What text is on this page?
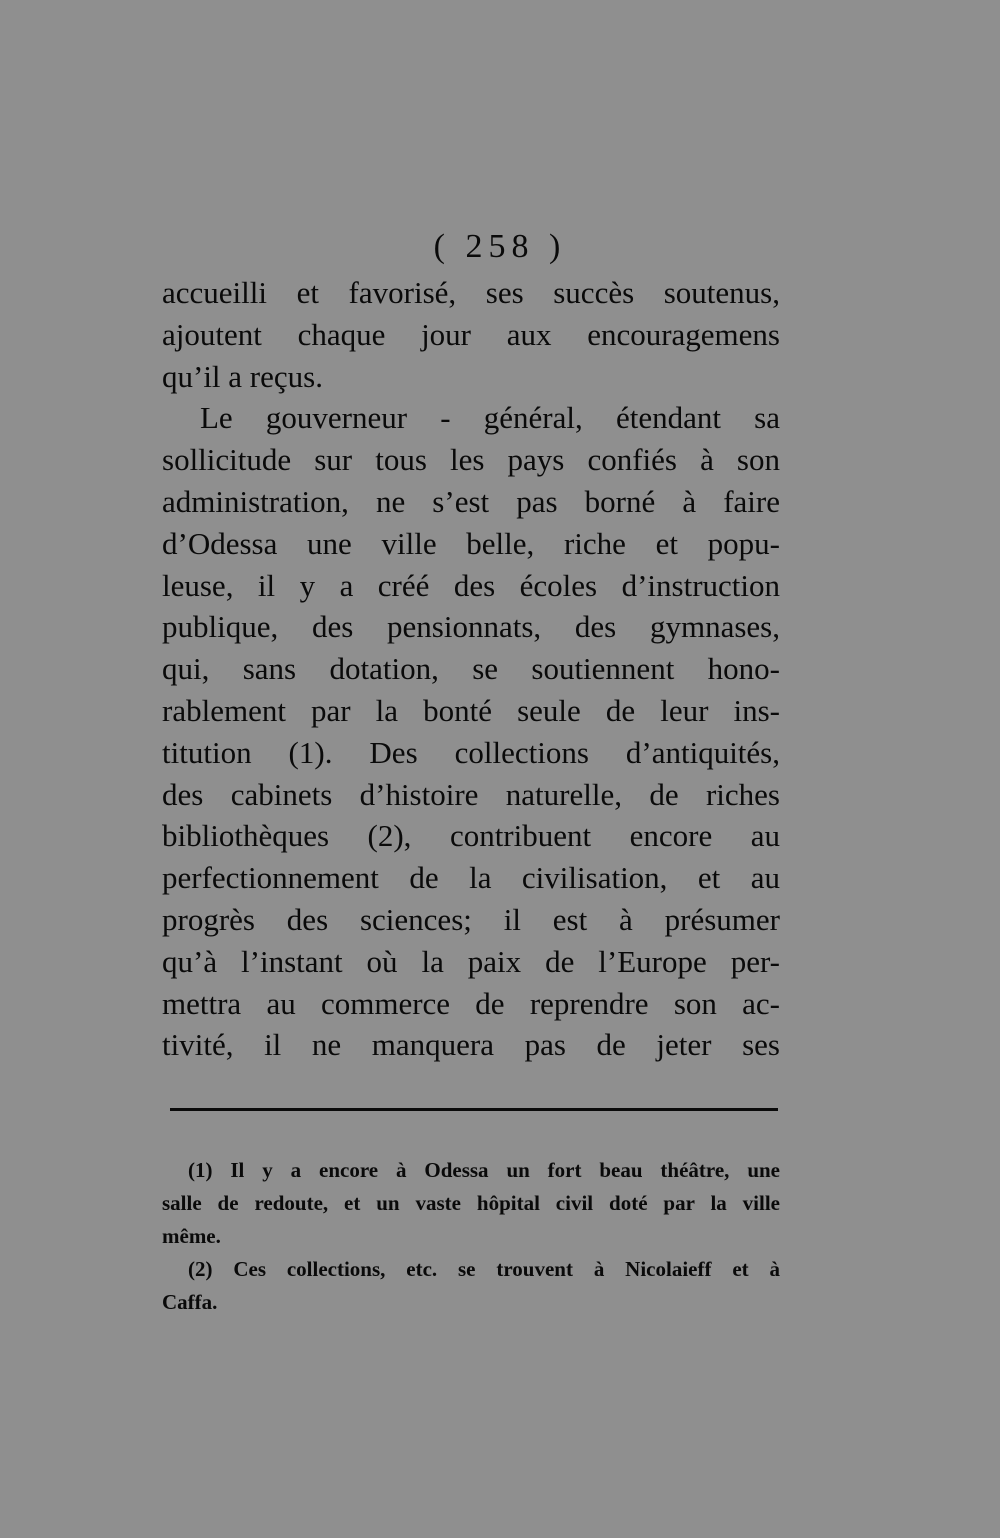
( 258 )
accueilli et favorisé, ses succès soutenus,
ajoutent chaque jour aux encouragemens
qu’il a reçus.
Le gouverneur - général, étendant sa
sollicitude sur tous les pays confiés à son
administration, ne s’est pas borné à faire
d’Odessa une ville belle, riche et popu-
leuse, il y a créé des écoles d’instruction
publique, des pensionnats, des gymnases,
qui, sans dotation, se soutiennent hono-
rablement par la bonté seule de leur ins-
titution (1). Des collections d’antiquités,
des cabinets d’histoire naturelle, de riches
bibliothèques (2), contribuent encore au
perfectionnement de la civilisation, et au
progrès des sciences; il est à présumer
qu’à l’instant où la paix de l’Europe per-
mettra au commerce de reprendre son ac-
tivité, il ne manquera pas de jeter ses
(1) Il y a encore à Odessa un fort beau théâtre, une
salle de redoute, et un vaste hôpital civil doté par la ville
même.
(2) Ces collections, etc. se trouvent à Nicolaieff et à
Caffa.
